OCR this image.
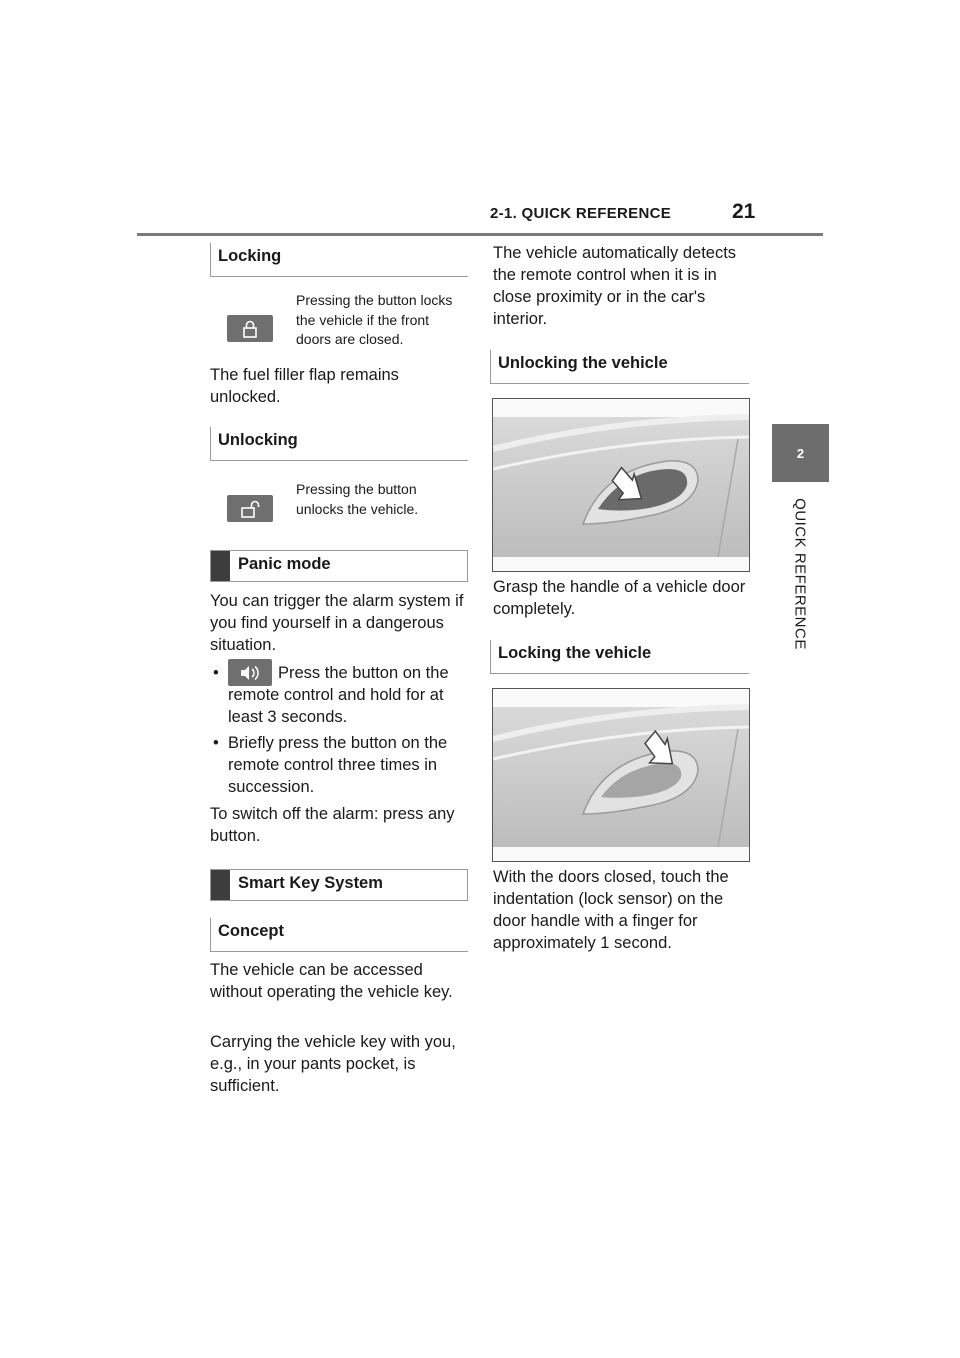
2-1. QUICK REFERENCE	21
2
QUICK REFERENCE
Locking
Pressing the button locks the vehicle if the front doors are closed.
The fuel filler flap remains unlocked.
Unlocking
Pressing the button unlocks the vehicle.
Panic mode
You can trigger the alarm system if you find yourself in a dangerous situation.
•	Press the button on the remote control and hold for at least 3 seconds.
• Briefly press the button on the remote control three times in succession.
To switch off the alarm: press any button.
Smart Key System
Concept
The vehicle can be accessed without operating the vehicle key.
Carrying the vehicle key with you, e.g., in your pants pocket, is sufficient.
The vehicle automatically detects the remote control when it is in close proximity or in the car's interior.
Unlocking the vehicle
Grasp the handle of a vehicle door completely.
Locking the vehicle
With the doors closed, touch the indentation (lock sensor) on the door handle with a finger for approximately 1 second.
